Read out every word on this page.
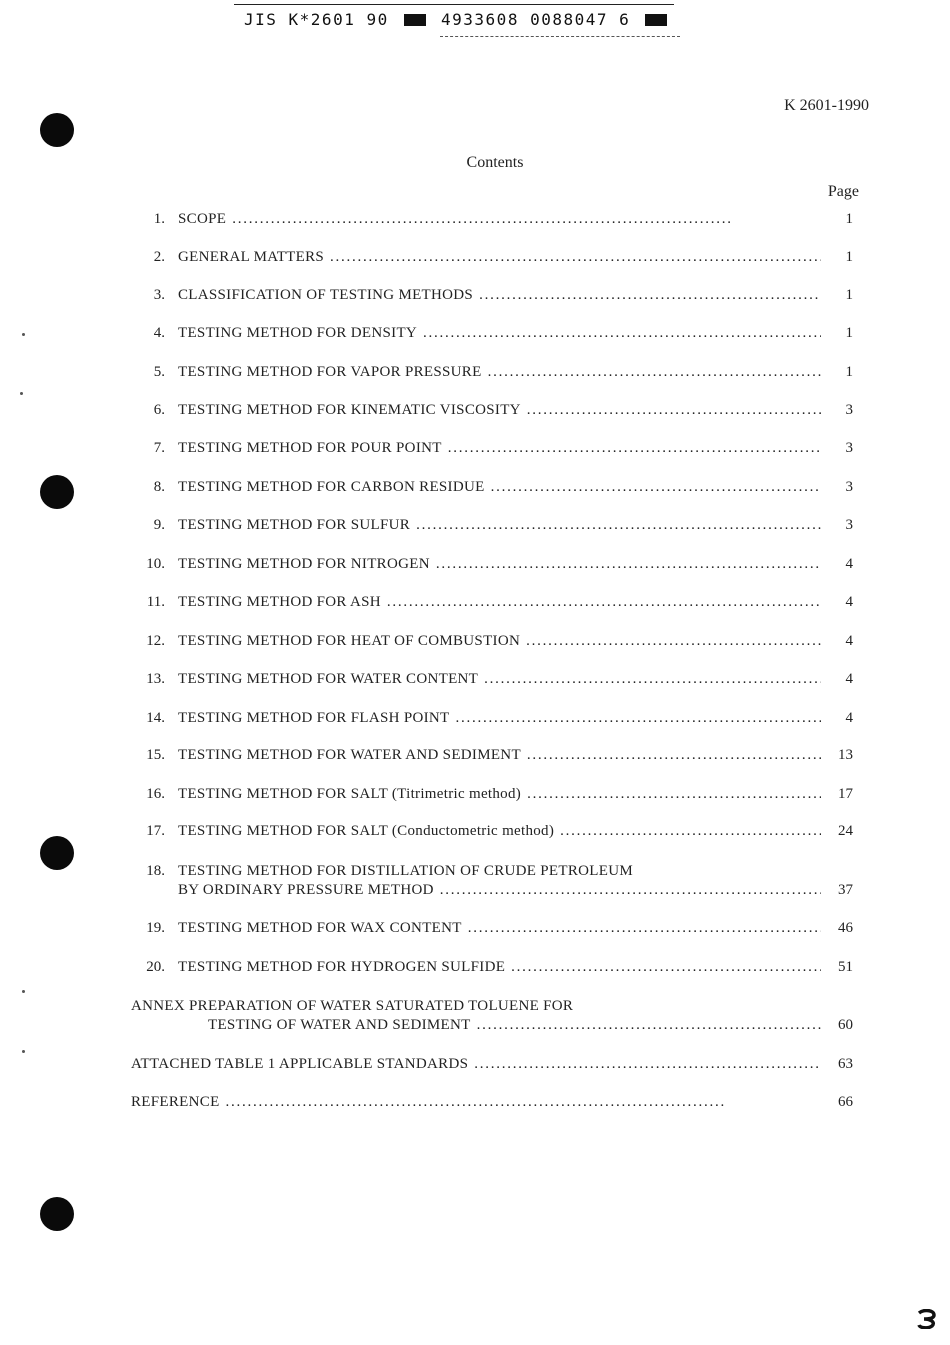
JIS K*2601 90	4933608 0088047 6
K 2601-1990
Contents
Page
1. SCOPE . . .	1
2. GENERAL MATTERS . . .	1
3. CLASSIFICATION OF TESTING METHODS . . .	1
4. TESTING METHOD FOR DENSITY . . .	1
5. TESTING METHOD FOR VAPOR PRESSURE . . .	1
6. TESTING METHOD FOR KINEMATIC VISCOSITY . . .	3
7. TESTING METHOD FOR POUR POINT . . .	3
8. TESTING METHOD FOR CARBON RESIDUE . . .	3
9. TESTING METHOD FOR SULFUR . . .	3
10. TESTING METHOD FOR NITROGEN . . .	4
11. TESTING METHOD FOR ASH . . .	4
12. TESTING METHOD FOR HEAT OF COMBUSTION . . .	4
13. TESTING METHOD FOR WATER CONTENT . . .	4
14. TESTING METHOD FOR FLASH POINT . . .	4
15. TESTING METHOD FOR WATER AND SEDIMENT . . .	13
16. TESTING METHOD FOR SALT (Titrimetric method) . . .	17
17. TESTING METHOD FOR SALT (Conductometric method) . . .	24
18. TESTING METHOD FOR DISTILLATION OF CRUDE PETROLEUM
BY ORDINARY PRESSURE METHOD . . .	37
19. TESTING METHOD FOR WAX CONTENT . . .	46
20. TESTING METHOD FOR HYDROGEN SULFIDE . . .	51
ANNEX PREPARATION OF WATER SATURATED TOLUENE FOR
TESTING OF WATER AND SEDIMENT . . .	60
ATTACHED TABLE 1 APPLICABLE STANDARDS . . .	63
REFERENCE . . .	66
